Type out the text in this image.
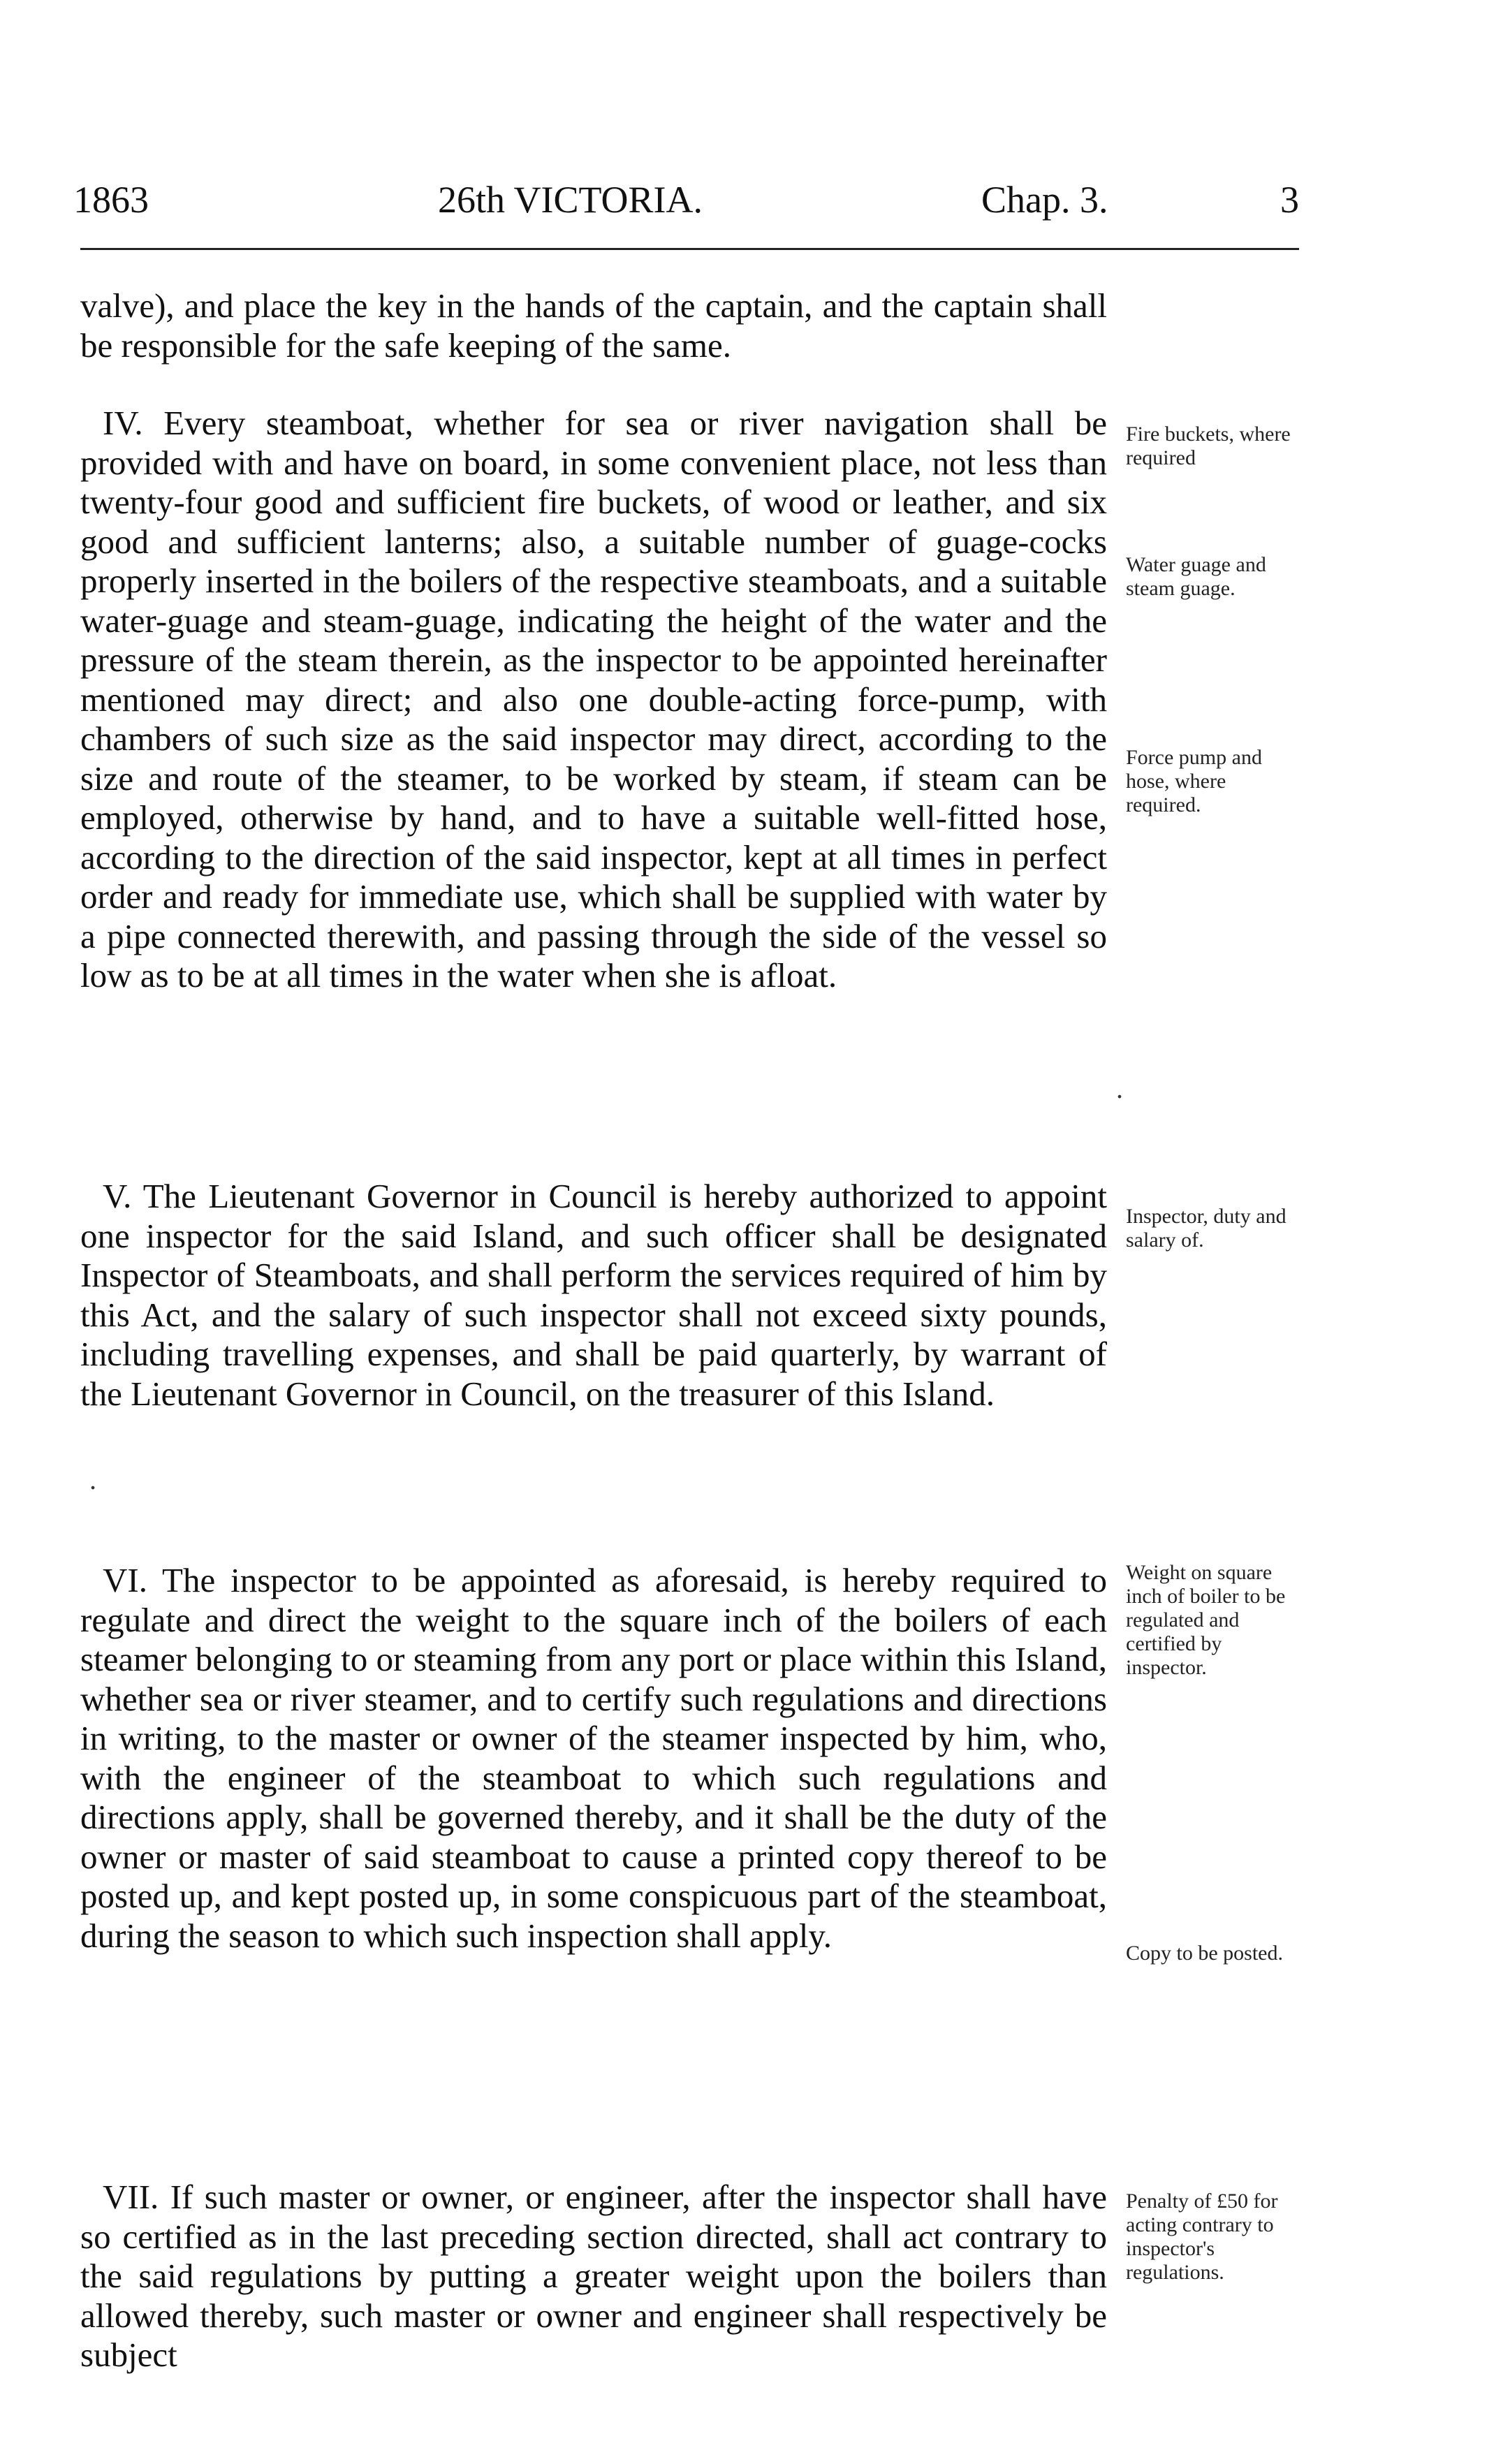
1863	26th VICTORIA.	Chap. 3.	3

valve), and place the key in the hands of the captain, and the captain shall be responsible for the safe keeping of the same.

IV. Every steamboat, whether for sea or river navigation shall be provided with and have on board, in some convenient place, not less than twenty-four good and sufficient fire buckets, of wood or leather, and six good and sufficient lanterns; also, a suitable number of guage-cocks properly inserted in the boilers of the respective steamboats, and a suitable water-guage and steam-guage, indicating the height of the water and the pressure of the steam therein, as the inspector to be appointed hereinafter mentioned may direct; and also one double-acting force-pump, with chambers of such size as the said inspector may direct, according to the size and route of the steamer, to be worked by steam, if steam can be employed, otherwise by hand, and to have a suitable well-fitted hose, according to the direction of the said inspector, kept at all times in perfect order and ready for immediate use, which shall be supplied with water by a pipe connected therewith, and passing through the side of the vessel so low as to be at all times in the water when she is afloat.

V. The Lieutenant Governor in Council is hereby authorized to appoint one inspector for the said Island, and such officer shall be designated Inspector of Steamboats, and shall perform the services required of him by this Act, and the salary of such inspector shall not exceed sixty pounds, including travelling expenses, and shall be paid quarterly, by warrant of the Lieutenant Governor in Council, on the treasurer of this Island.

VI. The inspector to be appointed as aforesaid, is hereby required to regulate and direct the weight to the square inch of the boilers of each steamer belonging to or steaming from any port or place within this Island, whether sea or river steamer, and to certify such regulations and directions in writing, to the master or owner of the steamer inspected by him, who, with the engineer of the steamboat to which such regulations and directions apply, shall be governed thereby, and it shall be the duty of the owner or master of said steamboat to cause a printed copy thereof to be posted up, and kept posted up, in some conspicuous part of the steamboat, during the season to which such inspection shall apply.

VII. If such master or owner, or engineer, after the inspector shall have so certified as in the last preceding section directed, shall act contrary to the said regulations by putting a greater weight upon the boilers than allowed thereby, such master or owner and engineer shall respectively be subject

Fire buckets, where required
Water guage and steam guage.
Force pump and hose, where required.
Inspector, duty and salary of.
Weight on square inch of boiler to be regulated and certified by inspector.
Copy to be posted.
Penalty of £50 for acting contrary to inspector's regulations.
.
.
